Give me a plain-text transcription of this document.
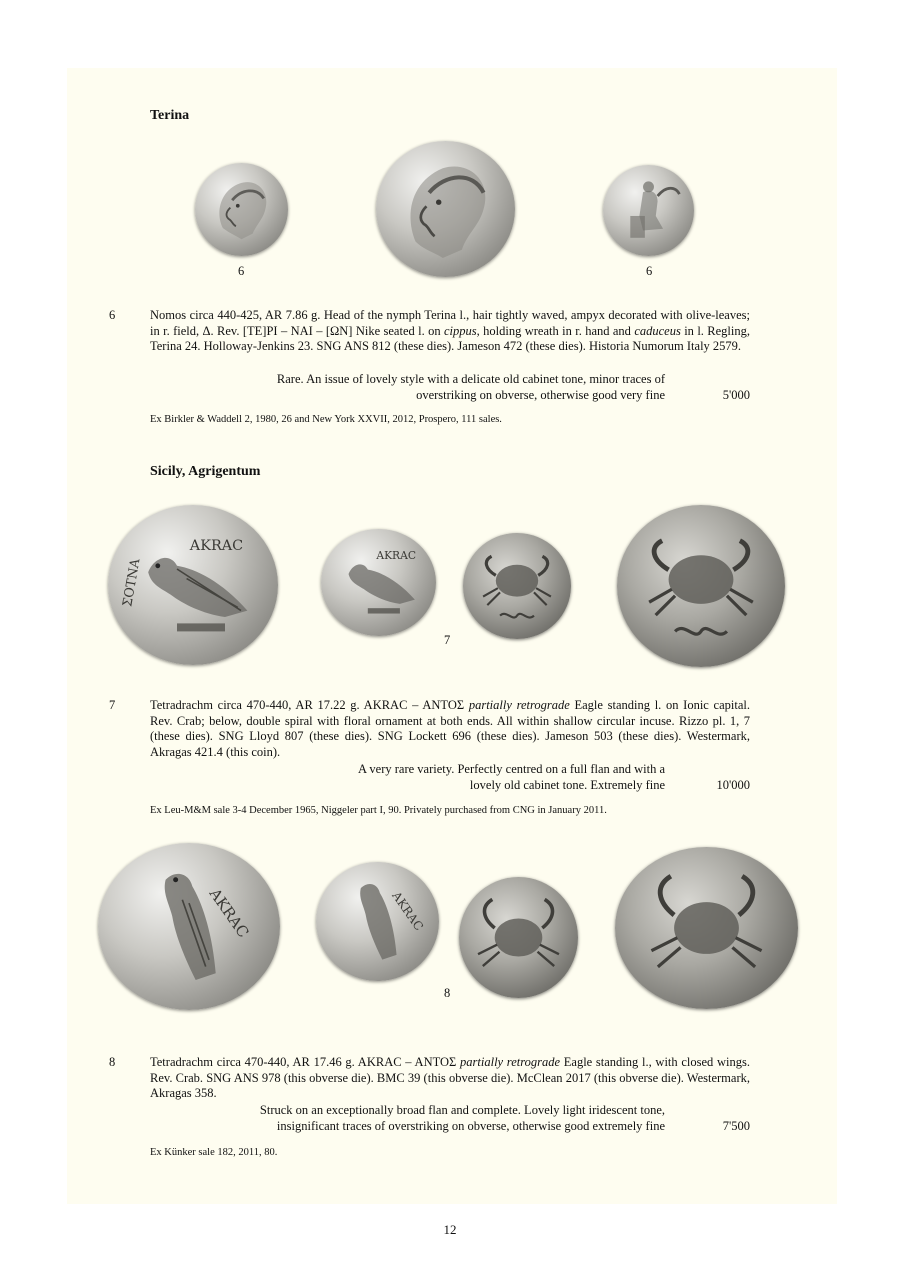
Terina
6	6
6	Nomos circa 440-425, AR 7.86 g. Head of the nymph Terina l., hair tightly waved, ampyx decorated with olive-leaves; in r. field, Δ. Rev. [TE]PI – NAI – [ΩN] Nike seated l. on cippus, holding wreath in r. hand and caduceus in l. Regling, Terina 24. Holloway-Jenkins 23. SNG ANS 812 (these dies). Jameson 472 (these dies). Historia Numorum Italy 2579.
Rare. An issue of lovely style with a delicate old cabinet tone, minor traces of
overstriking on obverse, otherwise good very fine	5'000
Ex Birkler & Waddell 2, 1980, 26 and New York XXVII, 2012, Prospero, 111 sales.
Sicily, Agrigentum
AKRAC
ΣOTNA
AKRAC
7
7	Tetradrachm circa 470-440, AR 17.22 g. AKRAC – ANTOΣ partially retrograde Eagle standing l. on Ionic capital. Rev. Crab; below, double spiral with floral ornament at both ends. All within shallow circular incuse. Rizzo pl. 1, 7 (these dies). SNG Lloyd 807 (these dies). SNG Lockett 696 (these dies). Jameson 503 (these dies). Westermark, Akragas 421.4 (this coin).
A very rare variety. Perfectly centred on a full flan and with a
lovely old cabinet tone. Extremely fine	10'000
Ex Leu-M&M sale 3-4 December 1965, Niggeler part I, 90. Privately purchased from CNG in January 2011.
AKRAC	AKRAC
8
8	Tetradrachm circa 470-440, AR 17.46 g. AKRAC – ANTOΣ partially retrograde Eagle standing l., with closed wings. Rev. Crab. SNG ANS 978 (this obverse die). BMC 39 (this obverse die). McClean 2017 (this obverse die). Westermark, Akragas 358.
Struck on an exceptionally broad flan and complete. Lovely light iridescent tone,
insignificant traces of overstriking on obverse, otherwise good extremely fine	7'500
Ex Künker sale 182, 2011, 80.
12
